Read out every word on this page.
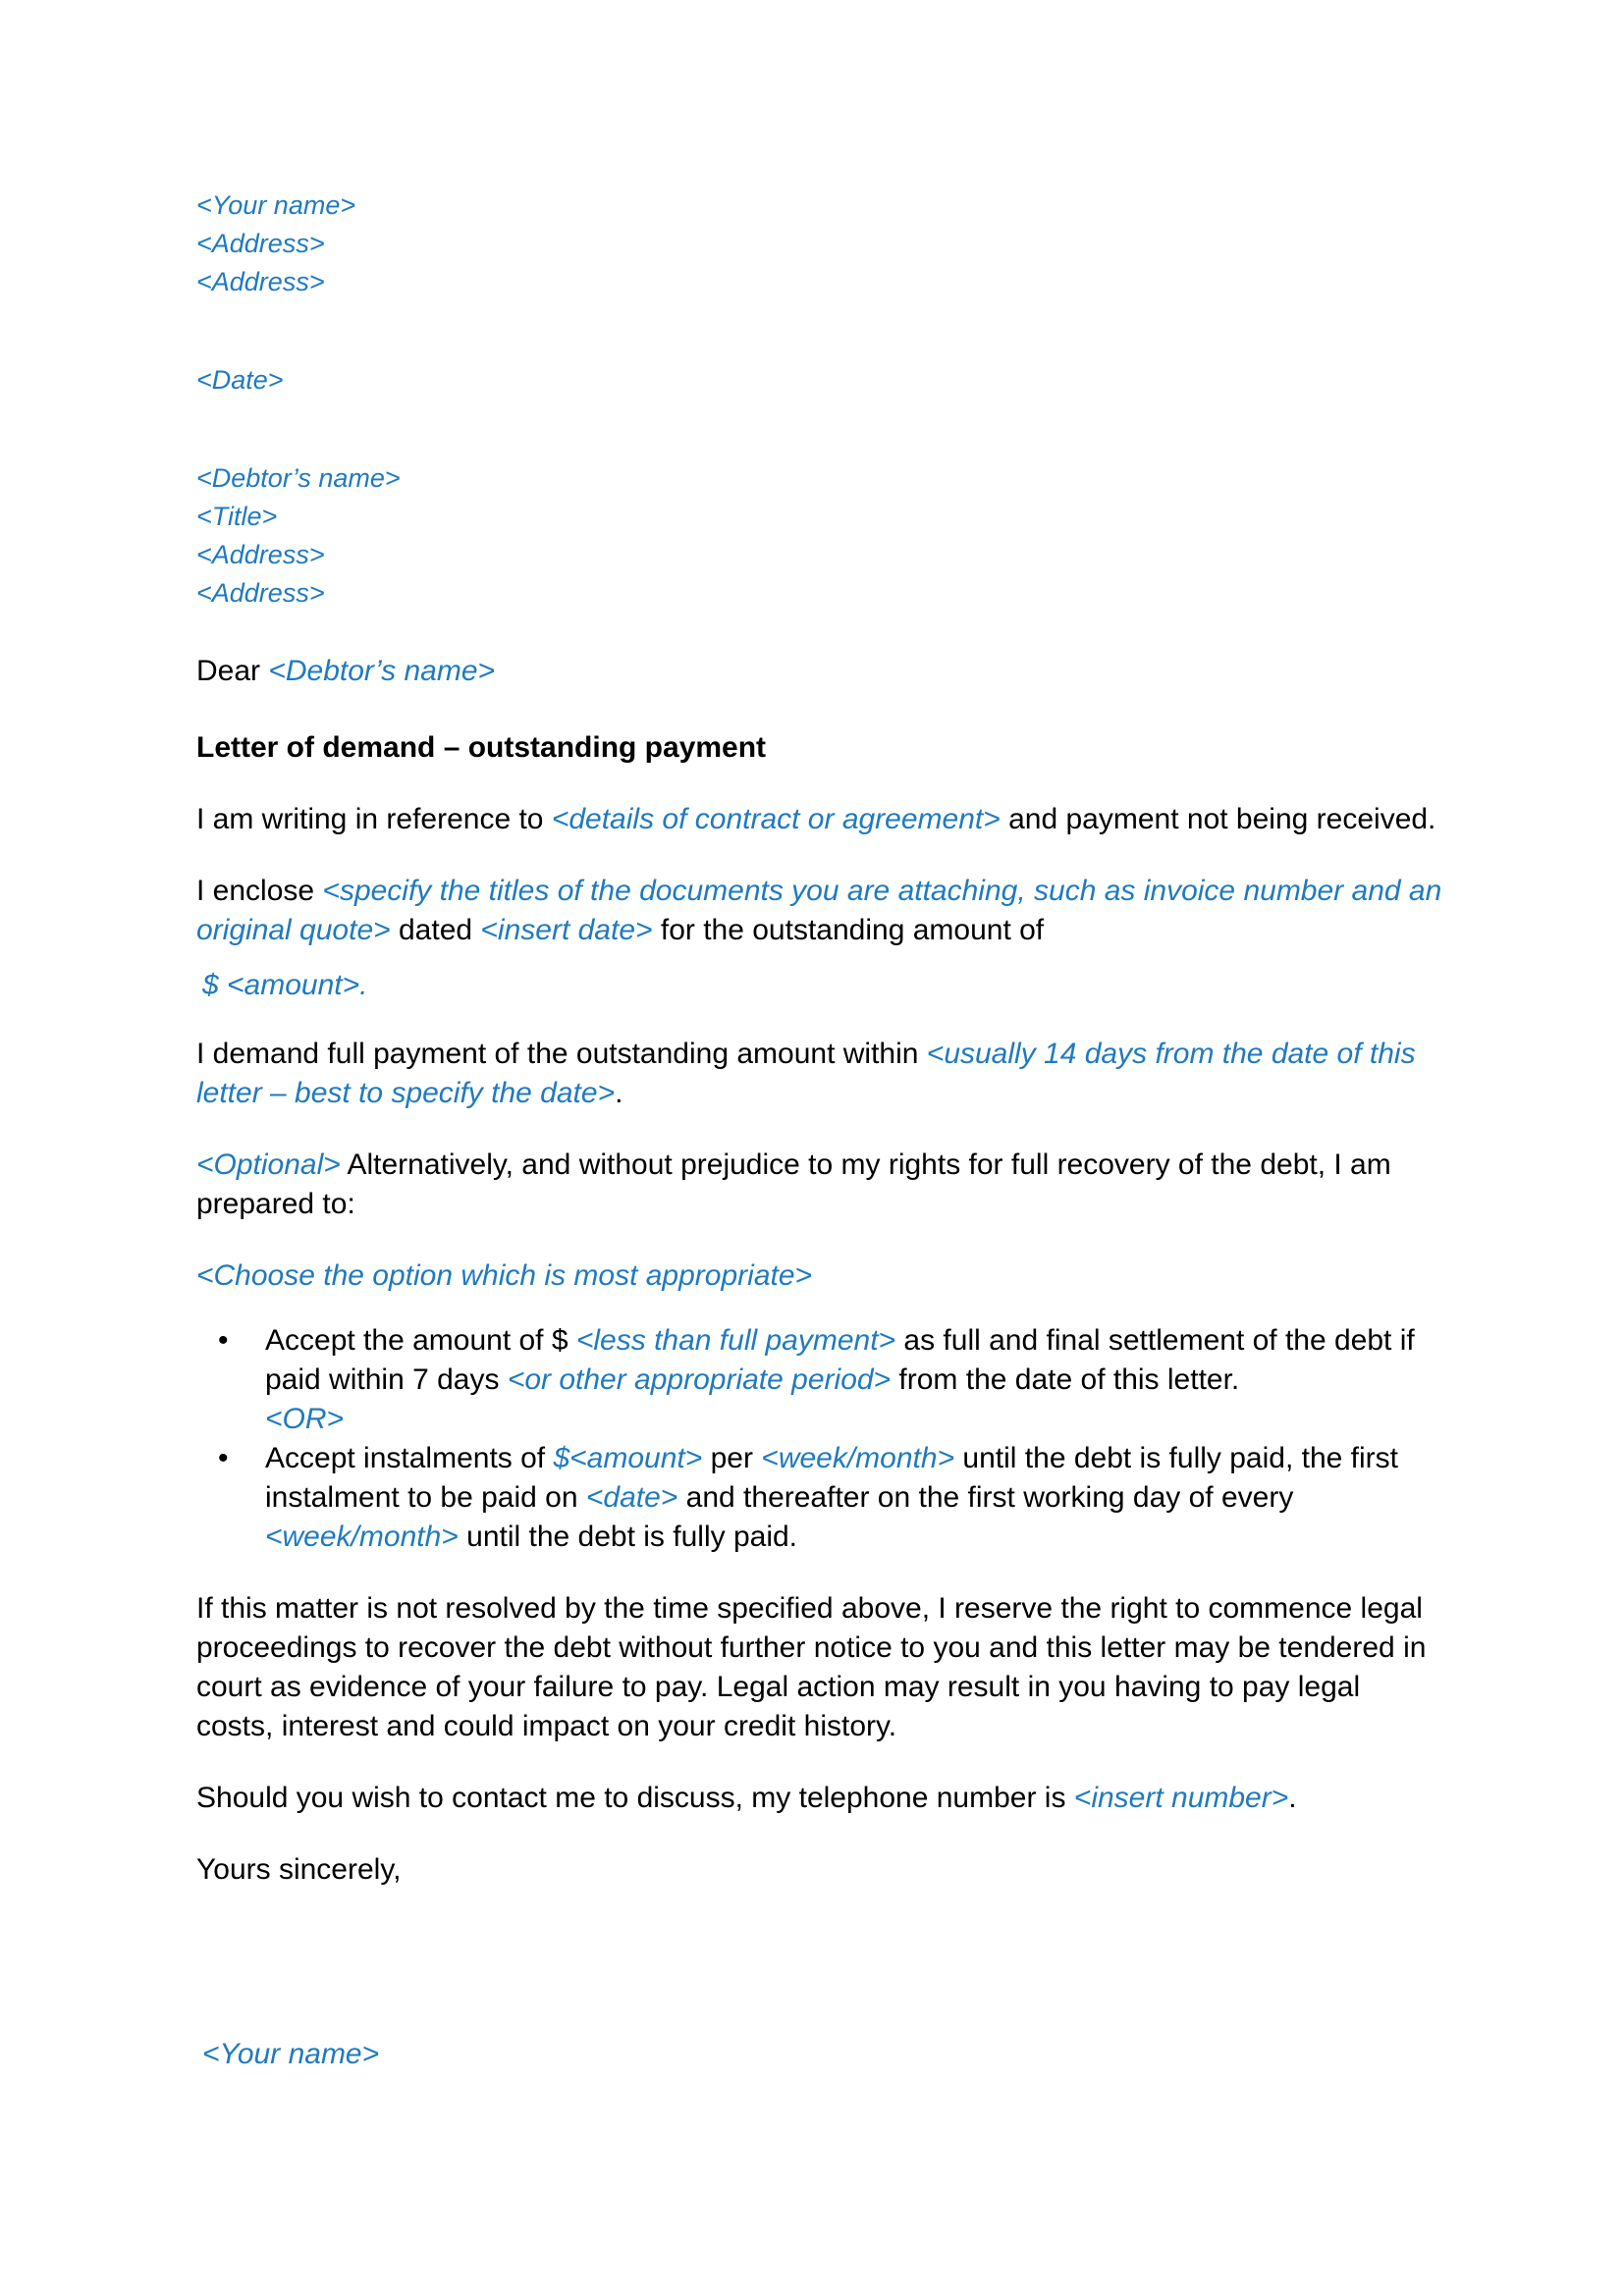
<Your name>
<Address>
<Address>
<Date>
<Debtor’s name>
<Title>
<Address>
<Address>

Dear <Debtor’s name>

Letter of demand – outstanding payment

I am writing in reference to <details of contract or agreement> and payment not being received.

I enclose <specify the titles of the documents you are attaching, such as invoice number and an original quote> dated <insert date> for the outstanding amount of

$ <amount>.

I demand full payment of the outstanding amount within <usually 14 days from the date of this letter – best to specify the date>.

<Optional> Alternatively, and without prejudice to my rights for full recovery of the debt, I am prepared to:

<Choose the option which is most appropriate>
• Accept the amount of $ <less than full payment> as full and final settlement of the debt if paid within 7 days <or other appropriate period> from the date of this letter.
<OR>
• Accept instalments of $<amount> per <week/month> until the debt is fully paid, the first instalment to be paid on <date> and thereafter on the first working day of every <week/month> until the debt is fully paid.

If this matter is not resolved by the time specified above, I reserve the right to commence legal proceedings to recover the debt without further notice to you and this letter may be tendered in court as evidence of your failure to pay. Legal action may result in you having to pay legal costs, interest and could impact on your credit history.

Should you wish to contact me to discuss, my telephone number is <insert number>.

Yours sincerely,

<Your name>
